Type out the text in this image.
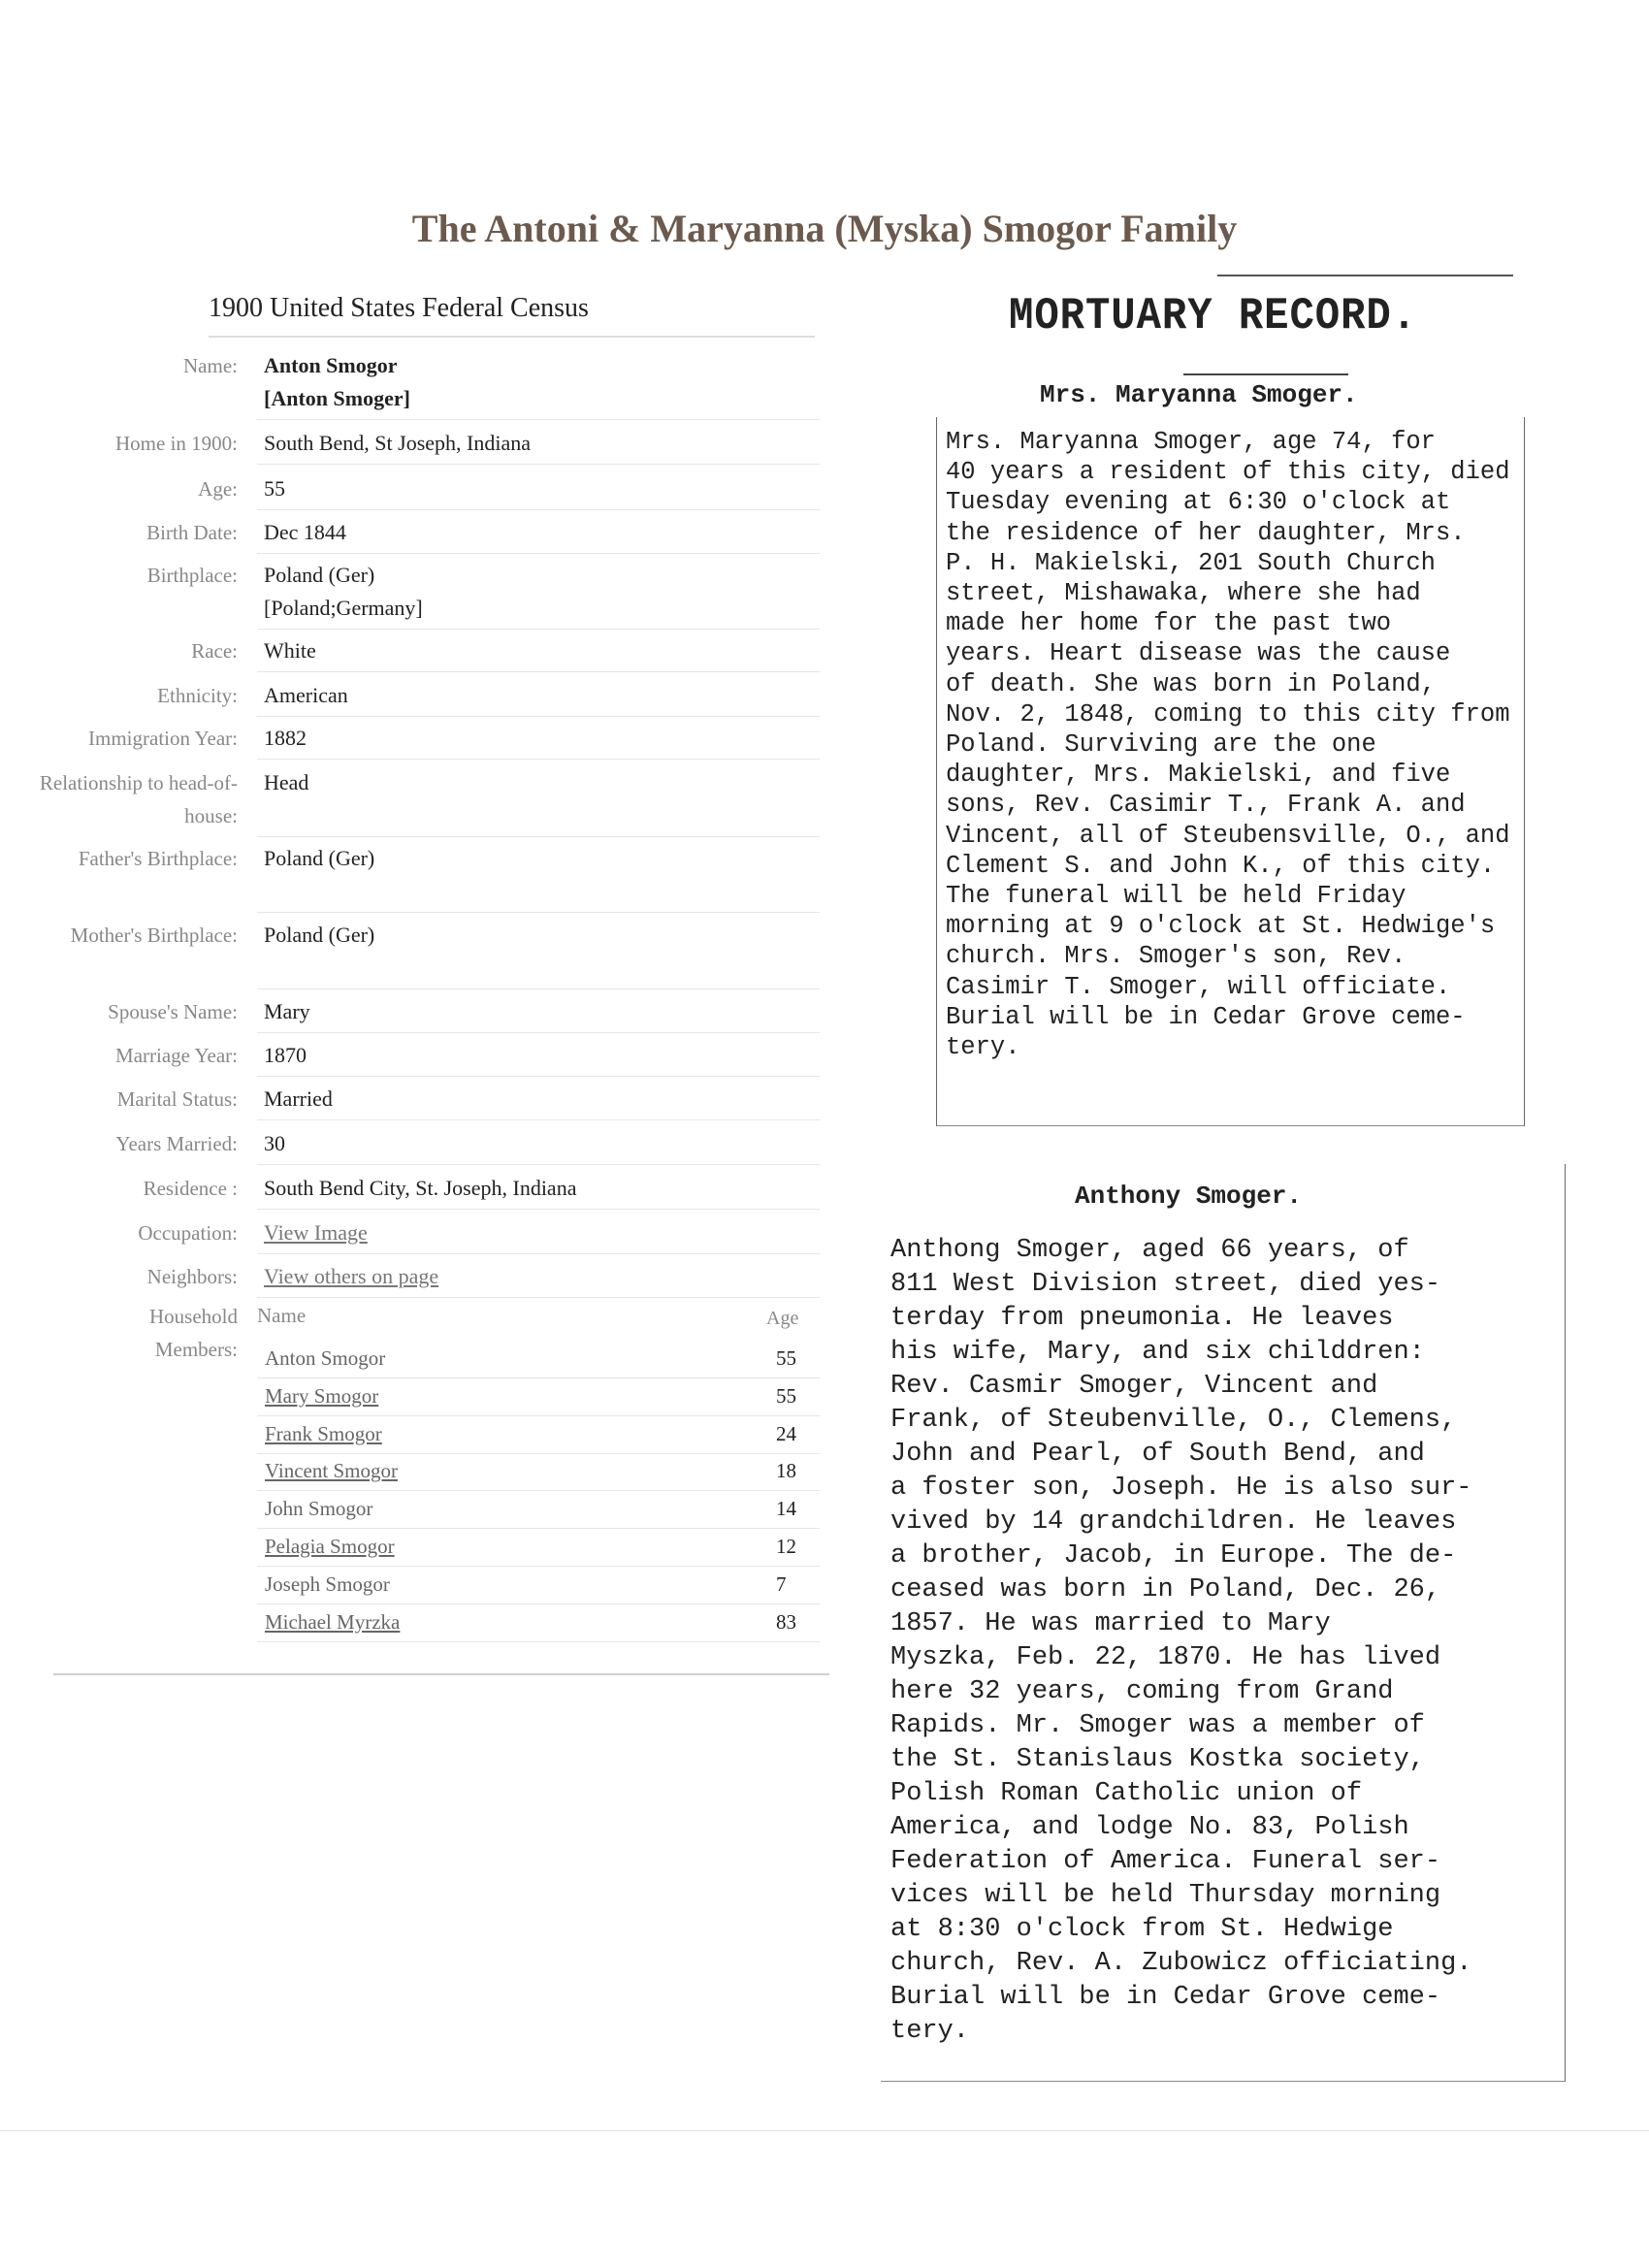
The Antoni & Maryanna (Myska) Smogor Family
1900 United States Federal Census
Name: Anton Smogor
[Anton Smoger]
Home in 1900: South Bend, St Joseph, Indiana
Age: 55
Birth Date: Dec 1844
Birthplace: Poland (Ger)
[Poland;Germany]
Race: White
Ethnicity: American
Immigration Year: 1882
Relationship to head-of-house:
Head
Father's Birthplace: Poland (Ger)
Mother's Birthplace: Poland (Ger)
Spouse's Name: Mary
Marriage Year: 1870
Marital Status: Married
Years Married: 30
Residence : South Bend City, St. Joseph, Indiana
Occupation: View Image
Neighbors: View others on page
Household
Members:
Name	Age
Anton Smogor	55
Mary Smogor	55
Frank Smogor	24
Vincent Smogor	18
John Smogor	14
Pelagia Smogor	12
Joseph Smogor	7
Michael Myrzka	83
MORTUARY RECORD.
Mrs. Maryanna Smoger.
Mrs. Maryanna Smoger, age 74, for
40 years a resident of this city, died
Tuesday evening at 6:30 o'clock at
the residence of her daughter, Mrs.
P. H. Makielski, 201 South Church
street, Mishawaka, where she had
made her home for the past two
years. Heart disease was the cause
of death. She was born in Poland,
Nov. 2, 1848, coming to this city from
Poland. Surviving are the one
daughter, Mrs. Makielski, and five
sons, Rev. Casimir T., Frank A. and
Vincent, all of Steubensville, O., and
Clement S. and John K., of this city.
The funeral will be held Friday
morning at 9 o'clock at St. Hedwige's
church. Mrs. Smoger's son, Rev.
Casimir T. Smoger, will officiate.
Burial will be in Cedar Grove ceme-
tery.
Anthony Smoger.
Anthong Smoger, aged 66 years, of
811 West Division street, died yes-
terday from pneumonia. He leaves
his wife, Mary, and six childdren:
Rev. Casmir Smoger, Vincent and
Frank, of Steubenville, O., Clemens,
John and Pearl, of South Bend, and
a foster son, Joseph. He is also sur-
vived by 14 grandchildren. He leaves
a brother, Jacob, in Europe. The de-
ceased was born in Poland, Dec. 26,
1857. He was married to Mary
Myszka, Feb. 22, 1870. He has lived
here 32 years, coming from Grand
Rapids. Mr. Smoger was a member of
the St. Stanislaus Kostka society,
Polish Roman Catholic union of
America, and lodge No. 83, Polish
Federation of America. Funeral ser-
vices will be held Thursday morning
at 8:30 o'clock from St. Hedwige
church, Rev. A. Zubowicz officiating.
Burial will be in Cedar Grove ceme-
tery.
